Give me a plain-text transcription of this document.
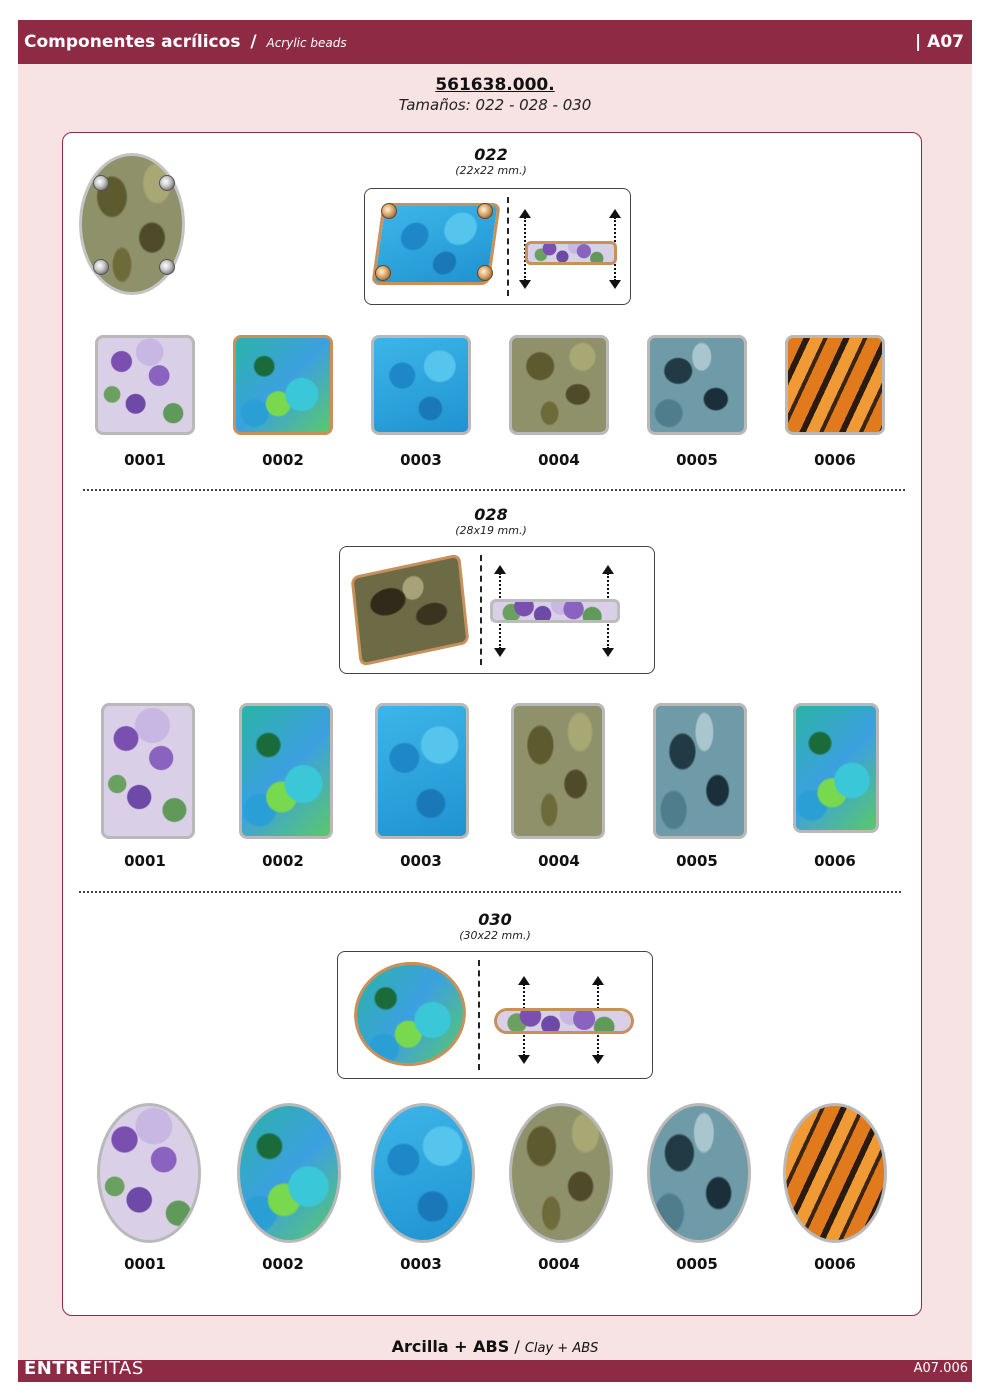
Componentes acrílicos / Acrylic beads	| A07
561638.000.
Tamaños: 022 - 028 - 030
022
(22x22 mm.)
0001	0002	0003	0004	0005	0006
028
(28x19 mm.)
0001	0002	0003	0004	0005	0006
030
(30x22 mm.)
0001	0002	0003	0004	0005	0006
Arcilla + ABS / Clay + ABS
ENTREFITAS	A07.006
